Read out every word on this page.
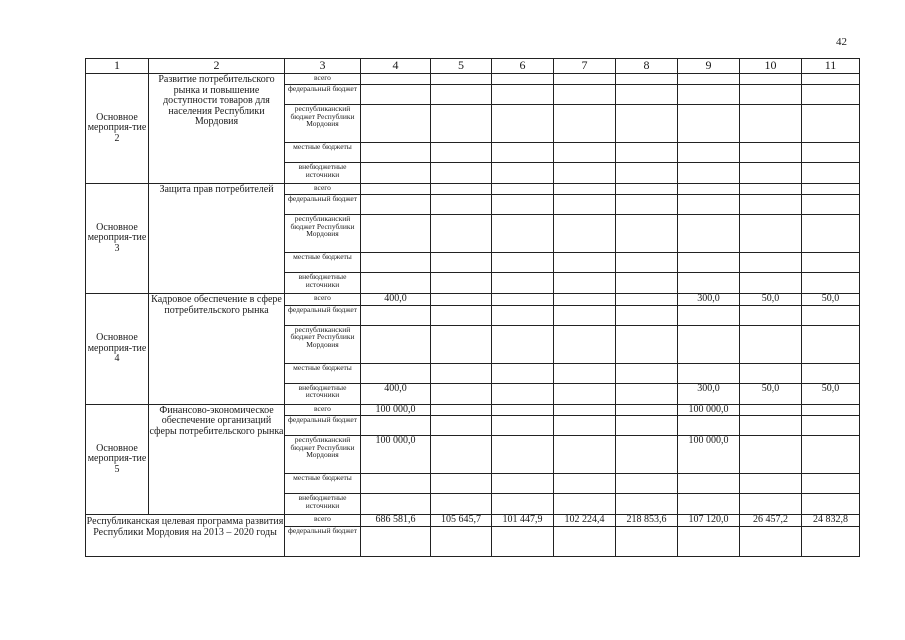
42
1	2	3	4	5	6	7	8	9	10	11
Основное мероприя-тие 2	Развитие потребительского рынка и повышение доступности товаров для населения Республики Мордовия	всего								
		федеральный бюджет								
		республиканский бюджет Республики Мордовия								
		местные бюджеты								
		внебюджетные источники								
Основное мероприя-тие 3	Защита прав потребителей	всего								
		федеральный бюджет								
		республиканский бюджет Республики Мордовия								
		местные бюджеты								
		внебюджетные источники								
Основное мероприя-тие 4	Кадровое обеспечение в сфере потребительского рынка	всего	400,0					300,0	50,0	50,0
		федеральный бюджет								
		республиканский бюджет Республики Мордовия								
		местные бюджеты								
		внебюджетные источники	400,0					300,0	50,0	50,0
Основное мероприя-тие 5	Финансово-экономическое обеспечение организаций сферы потребительского рынка	всего	100 000,0					100 000,0		
		федеральный бюджет								
		республиканский бюджет Республики Мордовия	100 000,0					100 000,0		
		местные бюджеты								
		внебюджетные источники								
Республиканская целевая программа развития Республики Мордовия на 2013 – 2020 годы		всего	686 581,6	105 645,7	101 447,9	102 224,4	218 853,6	107 120,0	26 457,2	24 832,8
		федеральный бюджет								
